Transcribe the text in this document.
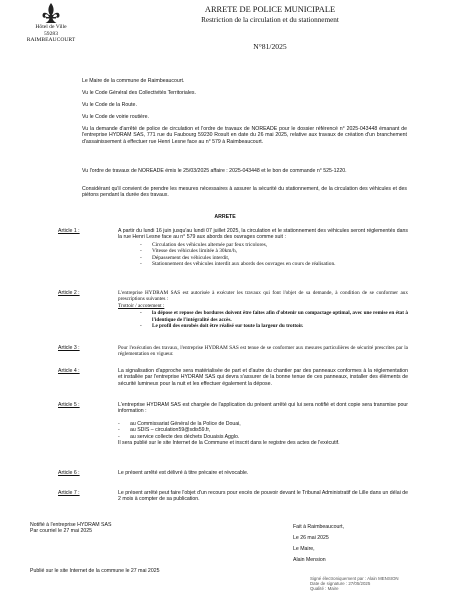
Hôtel de Ville
59283 RAIMBEAUCOURT
ARRETE DE POLICE MUNICIPALE
Restriction de la circulation et du stationnement
N°81/2025
Le Maire de la commune de Raimbeaucourt.
Vu le Code Général des Collectivités Territoriales.
Vu le Code de la Route.
Vu le Code de voirie routière.
Vu la demande d'arrêté de police de circulation et l'ordre de travaux de NOREADE pour le dossier référencé n° 2025-043448 émanant de l'entreprise HYDRAM SAS, 771 rue du Faubourg 59230 Rosult en date du 26 mai 2025, relative aux travaux de création d'un branchement d'assainissement à effectuer rue Henri Lesne face au n° 579 à Raimbeaucourt.
Vu l'ordre de travaux de NOREADE émis le 25/03/2025 affaire : 2025-043448 et le bon de commande n° 525-1220.
Considérant qu'il convient de prendre les mesures nécessaires à assurer la sécurité du stationnement, de la circulation des véhicules et des piétons pendant la durée des travaux.
ARRETE
Article 1 :	A partir du lundi 16 juin jusqu'au lundi 07 juillet 2025, la circulation et le stationnement des véhicules seront réglementés dans la rue Henri Lesne face au n° 579 aux abords des ouvrages comme suit :
- Circulation des véhicules alternée par feux tricolores,
- Vitesse des véhicules limitée à 30km/h,
- Dépassement des véhicules interdit,
- Stationnement des véhicules interdit aux abords des ouvrages en cours de réalisation.
Article 2 :	L'entreprise HYDRAM SAS est autorisée à exécuter les travaux qui font l'objet de sa demande, à condition de se conformer aux prescriptions suivantes :
Trottoir / accotement :
- la dépose et repose des bordures doivent être faites afin d'obtenir un compactage optimal, avec une remise en état à l'identique de l'intégralité des accès.
- Le profil des enrobés doit être réalisé sur toute la largeur du trottoir.
Article 3 :	Pour l'exécution des travaux, l'entreprise HYDRAM SAS est tenue de se conformer aux mesures particulières de sécurité prescrites par la réglementation en vigueur.
Article 4 :	La signalisation d'approche sera matérialisée de part et d'autre du chantier par des panneaux conformes à la réglementation et installée par l'entreprise HYDRAM SAS qui devra s'assurer de la bonne tenue de ces panneaux, installer des éléments de sécurité lumineux pour la nuit et les effectuer également la dépose.
Article 5 :	L'entreprise HYDRAM SAS est chargée de l'application du présent arrêté qui lui sera notifié et dont copie sera transmise pour information :
- au Commissariat Général de la Police de Douai,
- au SDIS – circulation59@sdis59.fr,
- au service collecte des déchets Douaisis Agglo.
Il sera publié sur le site Internet de la Commune et inscrit dans le registre des actes de l'exécutif.
Article 6 :	Le présent arrêté est délivré à titre précaire et révocable.
Article 7 :	Le présent arrêté peut faire l'objet d'un recours pour excès de pouvoir devant le Tribunal Administratif de Lille dans un délai de 2 mois à compter de sa publication.
Notifié à l'entreprise HYDRAM SAS
Par courriel le 27 mai 2025
Fait à Raimbeaucourt,
Le 26 mai 2025
Le Maire,
Alain Mension
Publié sur le site Internet de la commune le 27 mai 2025
Signé électroniquement par : Alain MENSION
Date de signature : 27/05/2025
Qualité : Maire
